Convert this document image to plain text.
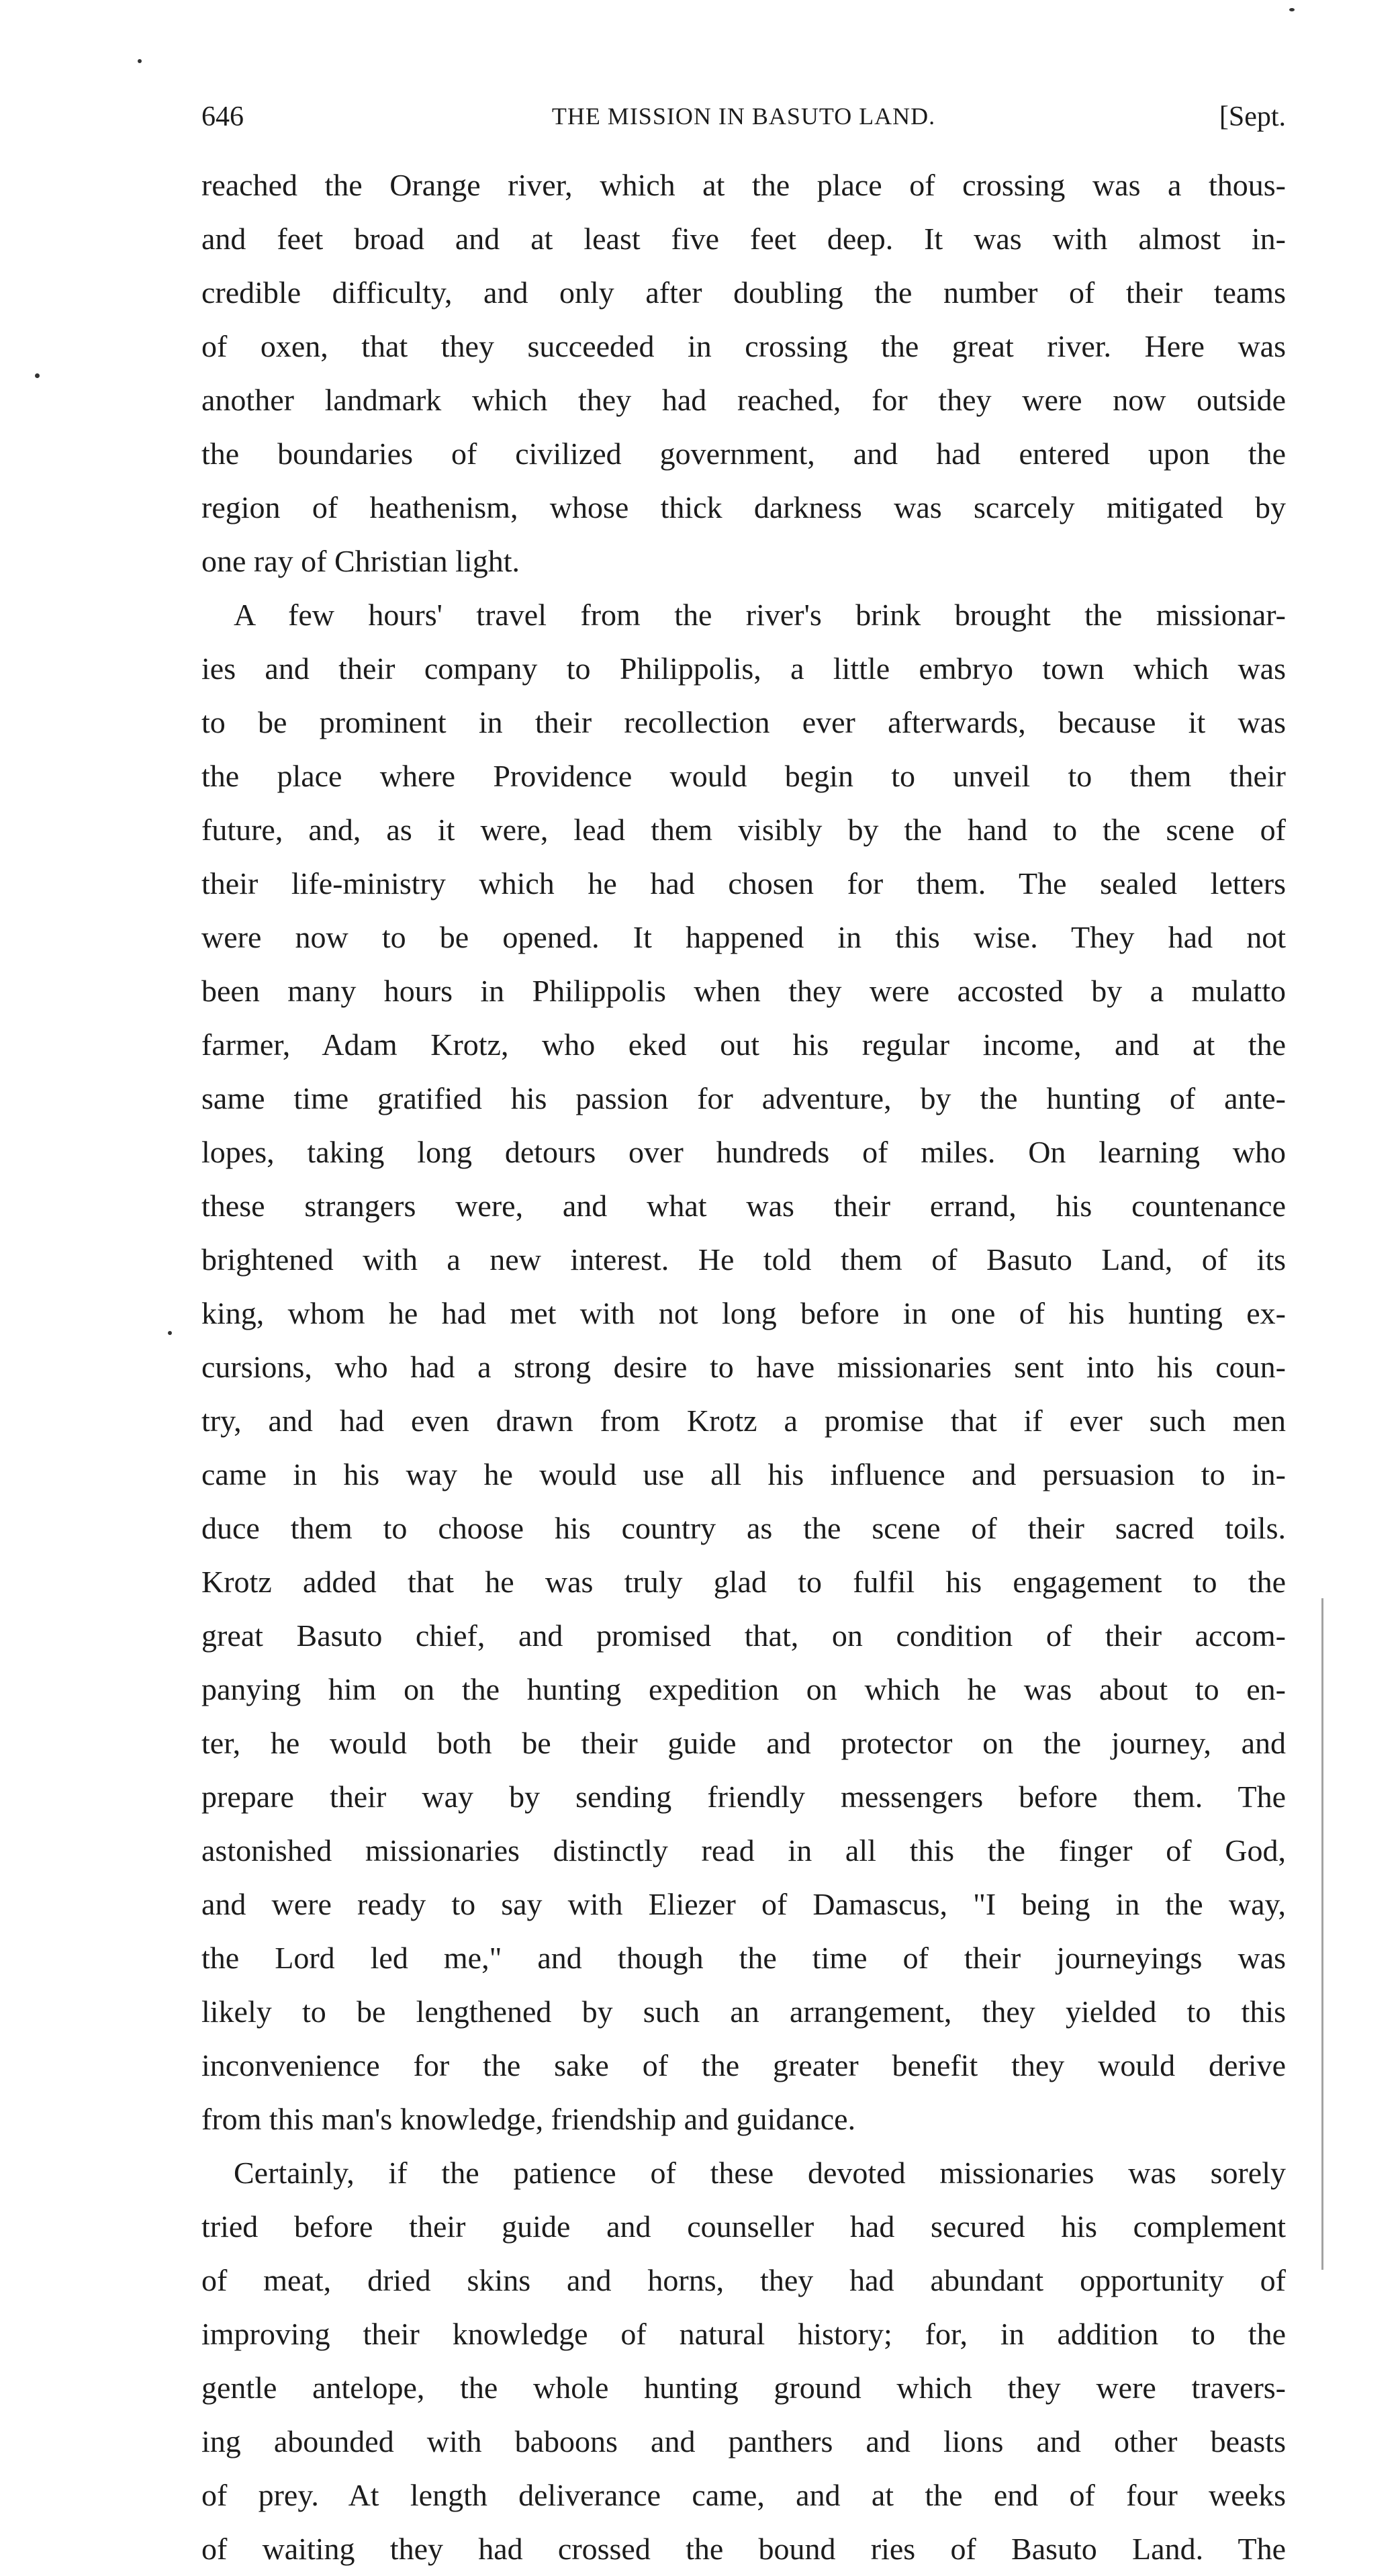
646	THE MISSION IN BASUTO LAND.	[Sept.
reached the Orange river, which at the place of crossing was a thous-
and feet broad and at least five feet deep. It was with almost in-
credible difficulty, and only after doubling the number of their teams
of oxen, that they succeeded in crossing the great river. Here was
another landmark which they had reached, for they were now outside
the boundaries of civilized government, and had entered upon the
region of heathenism, whose thick darkness was scarcely mitigated by
one ray of Christian light.
A few hours' travel from the river's brink brought the missionar-
ies and their company to Philippolis, a little embryo town which was
to be prominent in their recollection ever afterwards, because it was
the place where Providence would begin to unveil to them their
future, and, as it were, lead them visibly by the hand to the scene of
their life-ministry which he had chosen for them. The sealed letters
were now to be opened. It happened in this wise. They had not
been many hours in Philippolis when they were accosted by a mulatto
farmer, Adam Krotz, who eked out his regular income, and at the
same time gratified his passion for adventure, by the hunting of ante-
lopes, taking long detours over hundreds of miles. On learning who
these strangers were, and what was their errand, his countenance
brightened with a new interest. He told them of Basuto Land, of its
king, whom he had met with not long before in one of his hunting ex-
cursions, who had a strong desire to have missionaries sent into his coun-
try, and had even drawn from Krotz a promise that if ever such men
came in his way he would use all his influence and persuasion to in-
duce them to choose his country as the scene of their sacred toils.
Krotz added that he was truly glad to fulfil his engagement to the
great Basuto chief, and promised that, on condition of their accom-
panying him on the hunting expedition on which he was about to en-
ter, he would both be their guide and protector on the journey, and
prepare their way by sending friendly messengers before them. The
astonished missionaries distinctly read in all this the finger of God,
and were ready to say with Eliezer of Damascus, "I being in the way,
the Lord led me," and though the time of their journeyings was
likely to be lengthened by such an arrangement, they yielded to this
inconvenience for the sake of the greater benefit they would derive
from this man's knowledge, friendship and guidance.
Certainly, if the patience of these devoted missionaries was sorely
tried before their guide and counseller had secured his complement
of meat, dried skins and horns, they had abundant opportunity of
improving their knowledge of natural history; for, in addition to the
gentle antelope, the whole hunting ground which they were travers-
ing abounded with baboons and panthers and lions and other beasts
of prey. At length deliverance came, and at the end of four weeks
of waiting they had crossed the bound ries of Basuto Land. The
